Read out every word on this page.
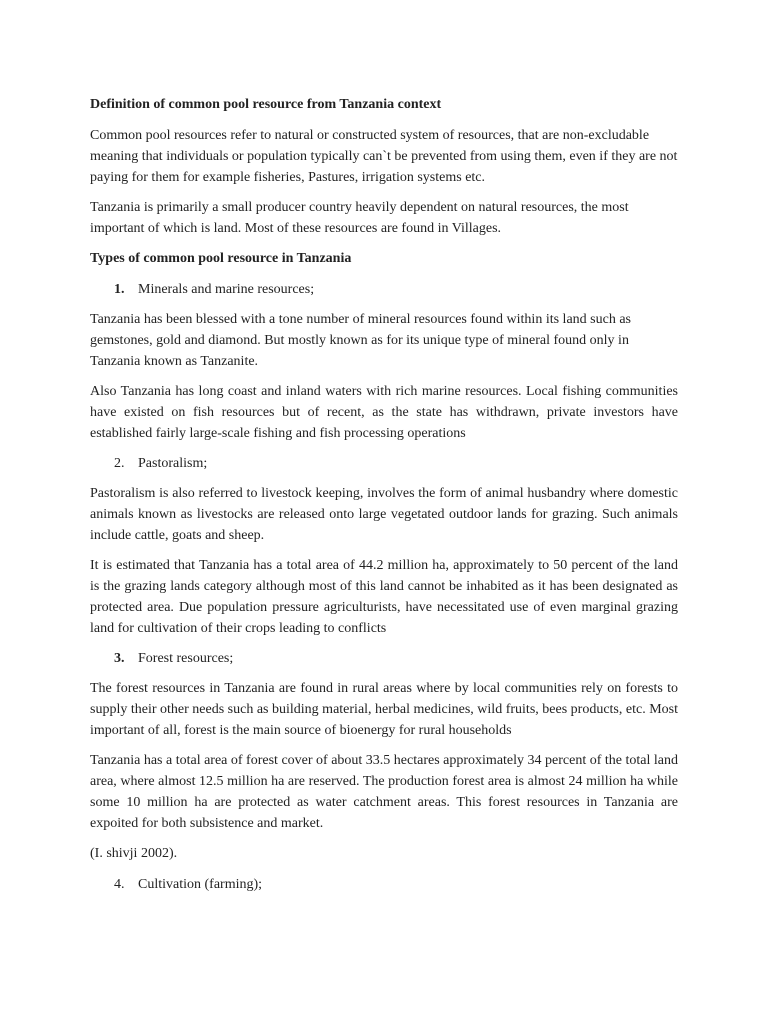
Definition of common pool resource from Tanzania context
Common pool resources refer to natural or constructed system of resources, that are non-excludable meaning that individuals or population typically can`t be prevented from using them, even if they are not paying for them for example fisheries, Pastures, irrigation systems etc.
Tanzania is primarily a small producer country heavily dependent on natural resources, the most important of which is land. Most of these resources are found in Villages.
Types of common pool resource in Tanzania
1. Minerals and marine resources;
Tanzania has been blessed with a tone number of mineral resources found within its land such as gemstones, gold and diamond. But mostly known as for its unique type of mineral found only in Tanzania known as Tanzanite.
Also Tanzania has long coast and inland waters with rich marine resources. Local fishing communities have existed on fish resources but of recent, as the state has withdrawn, private investors have established fairly large-scale fishing and fish processing operations
2. Pastoralism;
Pastoralism is also referred to livestock keeping, involves the form of animal husbandry where domestic animals known as livestocks are released onto large vegetated outdoor lands for grazing. Such animals include cattle, goats and sheep.
It is estimated that Tanzania has a total area of 44.2 million ha, approximately to 50 percent of the land is the grazing lands category although most of this land cannot be inhabited as it has been designated as protected area. Due population pressure agriculturists, have necessitated use of even marginal grazing land for cultivation of their crops leading to conflicts
3. Forest resources;
The forest resources in Tanzania are found in rural areas where by local communities rely on forests to supply their other needs such as building material, herbal medicines, wild fruits, bees products, etc. Most important of all, forest is the main source of bioenergy for rural households
Tanzania has a total area of forest cover of about 33.5 hectares approximately 34 percent of the total land area, where almost 12.5 million ha are reserved. The production forest area is almost 24 million ha while some 10 million ha are protected as water catchment areas. This forest resources in Tanzania are expoited for both subsistence and market.
(I. shivji 2002).
4. Cultivation (farming);
